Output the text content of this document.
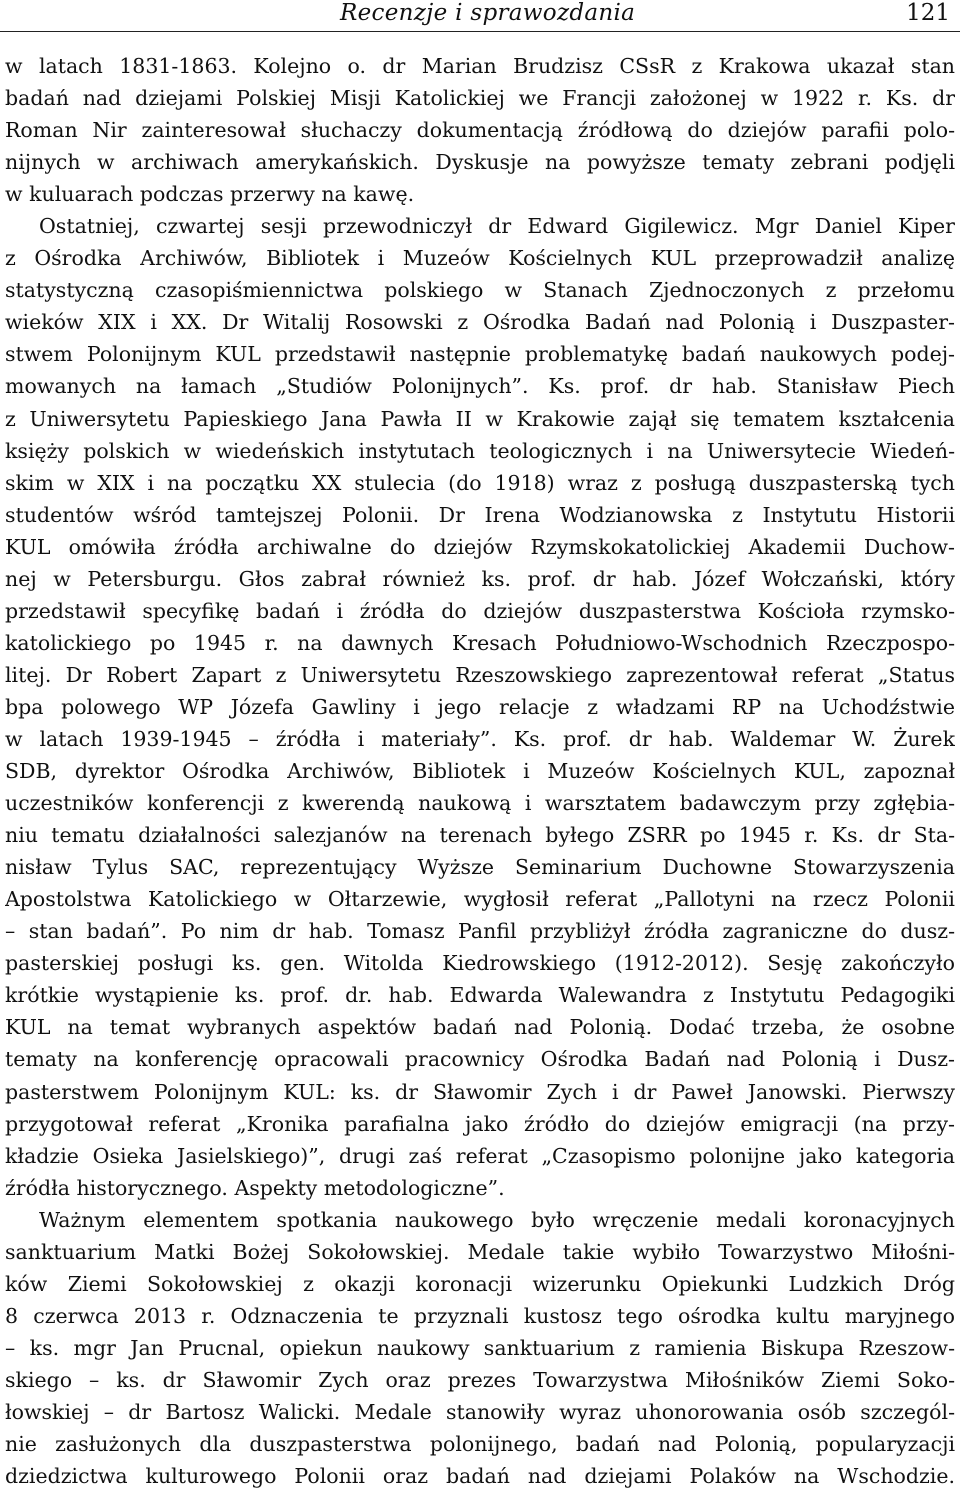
Recenzje i sprawozdania	121
w latach 1831-1863. Kolejno o. dr Marian Brudzisz CSsR z Krakowa ukazał stan
badań nad dziejami Polskiej Misji Katolickiej we Francji założonej w 1922 r. Ks. dr
Roman Nir zainteresował słuchaczy dokumentacją źródłową do dziejów parafii polo-
nijnych w archiwach amerykańskich. Dyskusje na powyższe tematy zebrani podjęli
w kuluarach podczas przerwy na kawę.
Ostatniej, czwartej sesji przewodniczył dr Edward Gigilewicz. Mgr Daniel Kiper
z Ośrodka Archiwów, Bibliotek i Muzeów Kościelnych KUL przeprowadził analizę
statystyczną czasopiśmiennictwa polskiego w Stanach Zjednoczonych z przełomu
wieków XIX i XX. Dr Witalij Rosowski z Ośrodka Badań nad Polonią i Duszpaster-
stwem Polonijnym KUL przedstawił następnie problematykę badań naukowych podej-
mowanych na łamach „Studiów Polonijnych”. Ks. prof. dr hab. Stanisław Piech
z Uniwersytetu Papieskiego Jana Pawła II w Krakowie zajął się tematem kształcenia
księży polskich w wiedeńskich instytutach teologicznych i na Uniwersytecie Wiedeń-
skim w XIX i na początku XX stulecia (do 1918) wraz z posługą duszpasterską tych
studentów wśród tamtejszej Polonii. Dr Irena Wodzianowska z Instytutu Historii
KUL omówiła źródła archiwalne do dziejów Rzymskokatolickiej Akademii Duchow-
nej w Petersburgu. Głos zabrał również ks. prof. dr hab. Józef Wołczański, który
przedstawił specyfikę badań i źródła do dziejów duszpasterstwa Kościoła rzymsko-
katolickiego po 1945 r. na dawnych Kresach Południowo-Wschodnich Rzeczpospo-
litej. Dr Robert Zapart z Uniwersytetu Rzeszowskiego zaprezentował referat „Status
bpa polowego WP Józefa Gawliny i jego relacje z władzami RP na Uchodźstwie
w latach 1939-1945 – źródła i materiały”. Ks. prof. dr hab. Waldemar W. Żurek
SDB, dyrektor Ośrodka Archiwów, Bibliotek i Muzeów Kościelnych KUL, zapoznał
uczestników konferencji z kwerendą naukową i warsztatem badawczym przy zgłębia-
niu tematu działalności salezjanów na terenach byłego ZSRR po 1945 r. Ks. dr Sta-
nisław Tylus SAC, reprezentujący Wyższe Seminarium Duchowne Stowarzyszenia
Apostolstwa Katolickiego w Ołtarzewie, wygłosił referat „Pallotyni na rzecz Polonii
– stan badań”. Po nim dr hab. Tomasz Panfil przybliżył źródła zagraniczne do dusz-
pasterskiej posługi ks. gen. Witolda Kiedrowskiego (1912-2012). Sesję zakończyło
krótkie wystąpienie ks. prof. dr. hab. Edwarda Walewandra z Instytutu Pedagogiki
KUL na temat wybranych aspektów badań nad Polonią. Dodać trzeba, że osobne
tematy na konferencję opracowali pracownicy Ośrodka Badań nad Polonią i Dusz-
pasterstwem Polonijnym KUL: ks. dr Sławomir Zych i dr Paweł Janowski. Pierwszy
przygotował referat „Kronika parafialna jako źródło do dziejów emigracji (na przy-
kładzie Osieka Jasielskiego)”, drugi zaś referat „Czasopismo polonijne jako kategoria
źródła historycznego. Aspekty metodologiczne”.
Ważnym elementem spotkania naukowego było wręczenie medali koronacyjnych
sanktuarium Matki Bożej Sokołowskiej. Medale takie wybiło Towarzystwo Miłośni-
ków Ziemi Sokołowskiej z okazji koronacji wizerunku Opiekunki Ludzkich Dróg
8 czerwca 2013 r. Odznaczenia te przyznali kustosz tego ośrodka kultu maryjnego
– ks. mgr Jan Prucnal, opiekun naukowy sanktuarium z ramienia Biskupa Rzeszow-
skiego – ks. dr Sławomir Zych oraz prezes Towarzystwa Miłośników Ziemi Soko-
łowskiej – dr Bartosz Walicki. Medale stanowiły wyraz uhonorowania osób szczegól-
nie zasłużonych dla duszpasterstwa polonijnego, badań nad Polonią, popularyzacji
dziedzictwa kulturowego Polonii oraz badań nad dziejami Polaków na Wschodzie.
